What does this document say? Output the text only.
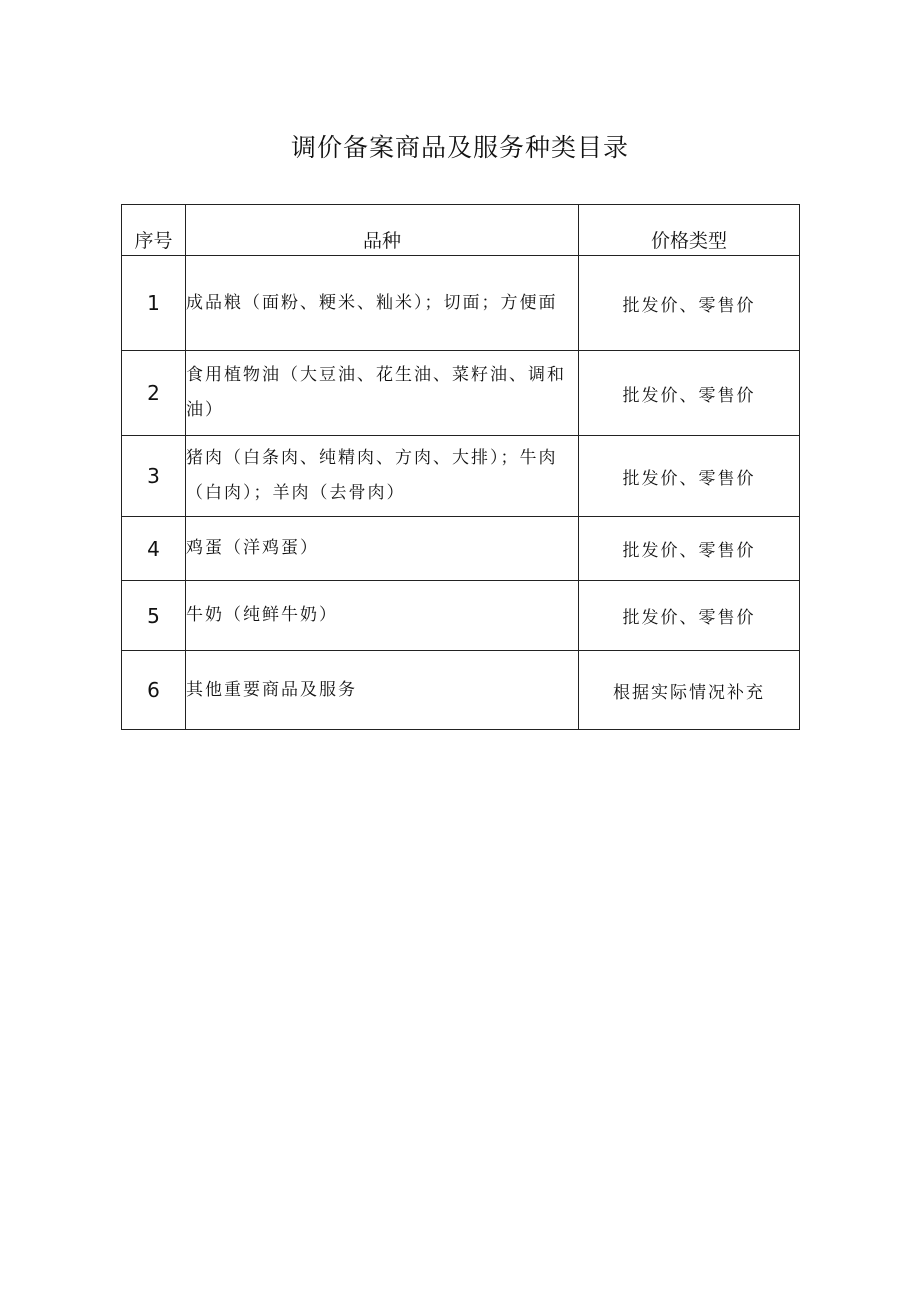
调价备案商品及服务种类目录
序号	品种	价格类型
1	成品粮（面粉、粳米、籼米）；切面；方便面	批发价、零售价
2	食用植物油（大豆油、花生油、菜籽油、调和油）	批发价、零售价
3	猪肉（白条肉、纯精肉、方肉、大排）；牛肉（白肉）；羊肉（去骨肉）	批发价、零售价
4	鸡蛋（洋鸡蛋）	批发价、零售价
5	牛奶（纯鲜牛奶）	批发价、零售价
6	其他重要商品及服务	根据实际情况补充
